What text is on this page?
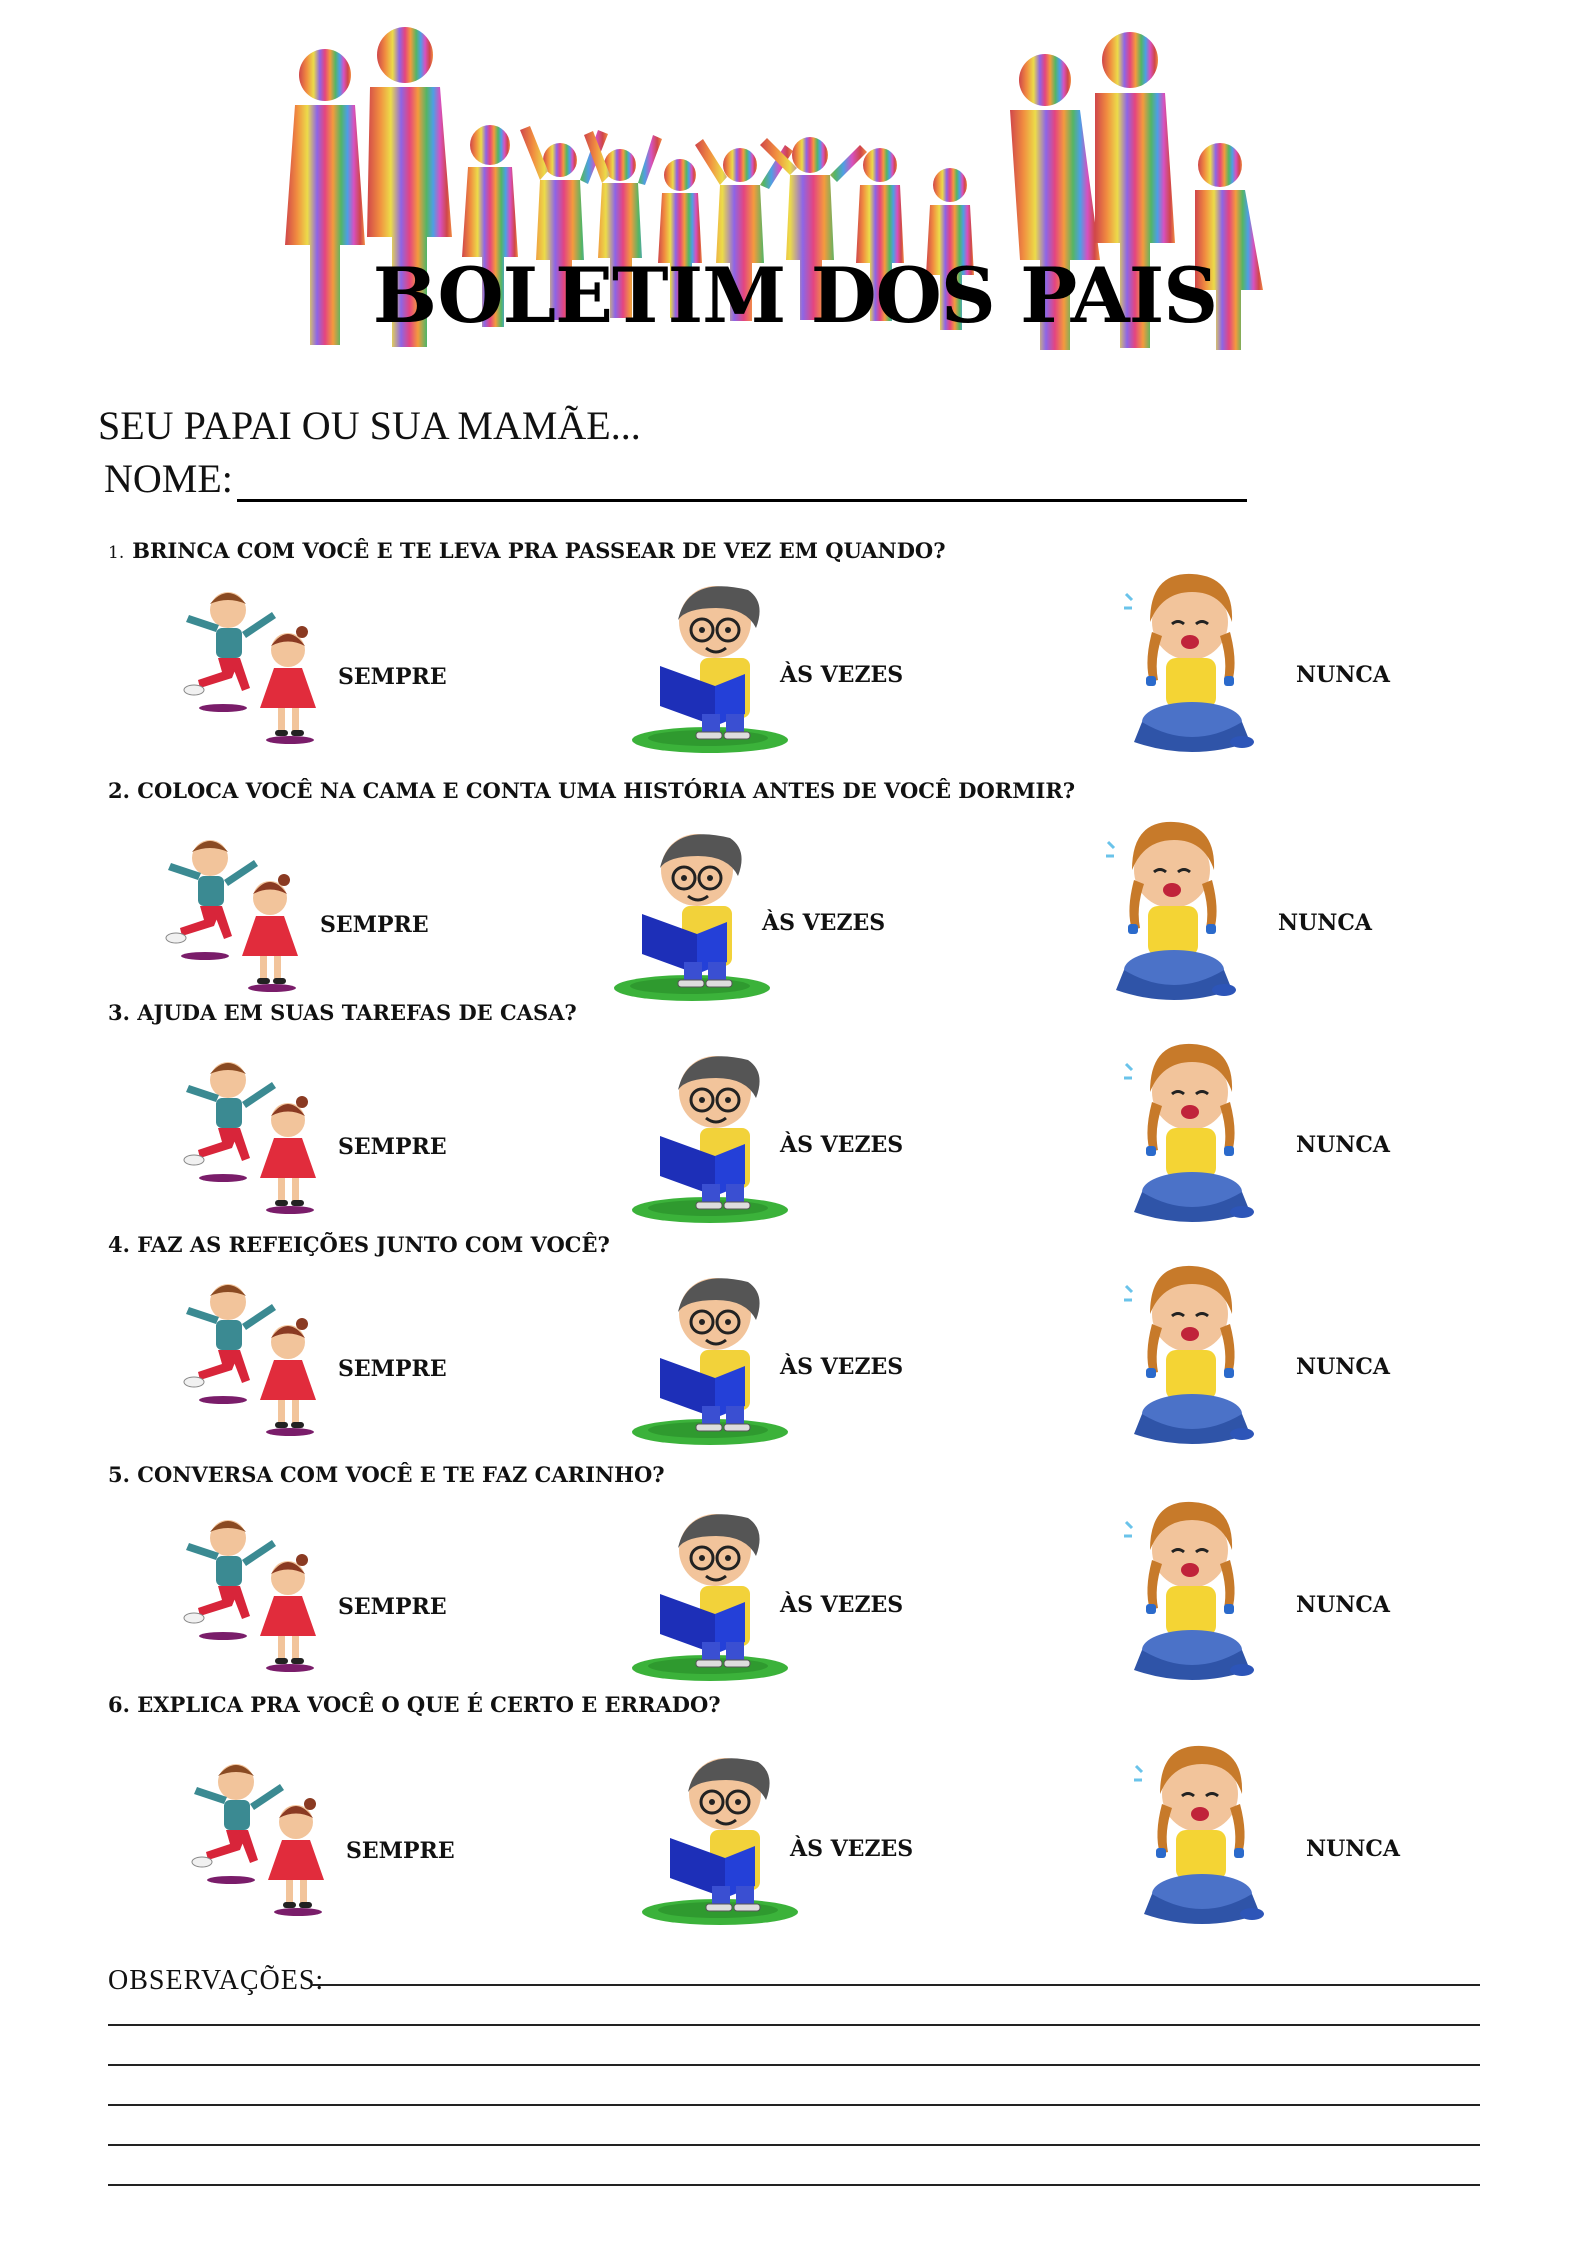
BOLETIM DOS PAIS
SEU PAPAI OU SUA MAMÃE...
NOME:
1. BRINCA COM VOCÊ E TE LEVA PRA PASSEAR DE VEZ EM QUANDO?
SEMPRE	ÀS VEZES	NUNCA
2. COLOCA VOCÊ NA CAMA E CONTA UMA HISTÓRIA ANTES DE VOCÊ DORMIR?
SEMPRE	ÀS VEZES	NUNCA
3. AJUDA EM SUAS TAREFAS DE CASA?
SEMPRE	ÀS VEZES	NUNCA
4. FAZ AS REFEIÇÕES JUNTO COM VOCÊ?
SEMPRE	ÀS VEZES	NUNCA
5. CONVERSA COM VOCÊ E TE FAZ CARINHO?
SEMPRE	ÀS VEZES	NUNCA
6. EXPLICA PRA VOCÊ O QUE É CERTO E ERRADO?
SEMPRE	ÀS VEZES	NUNCA
OBSERVAÇÕES:
